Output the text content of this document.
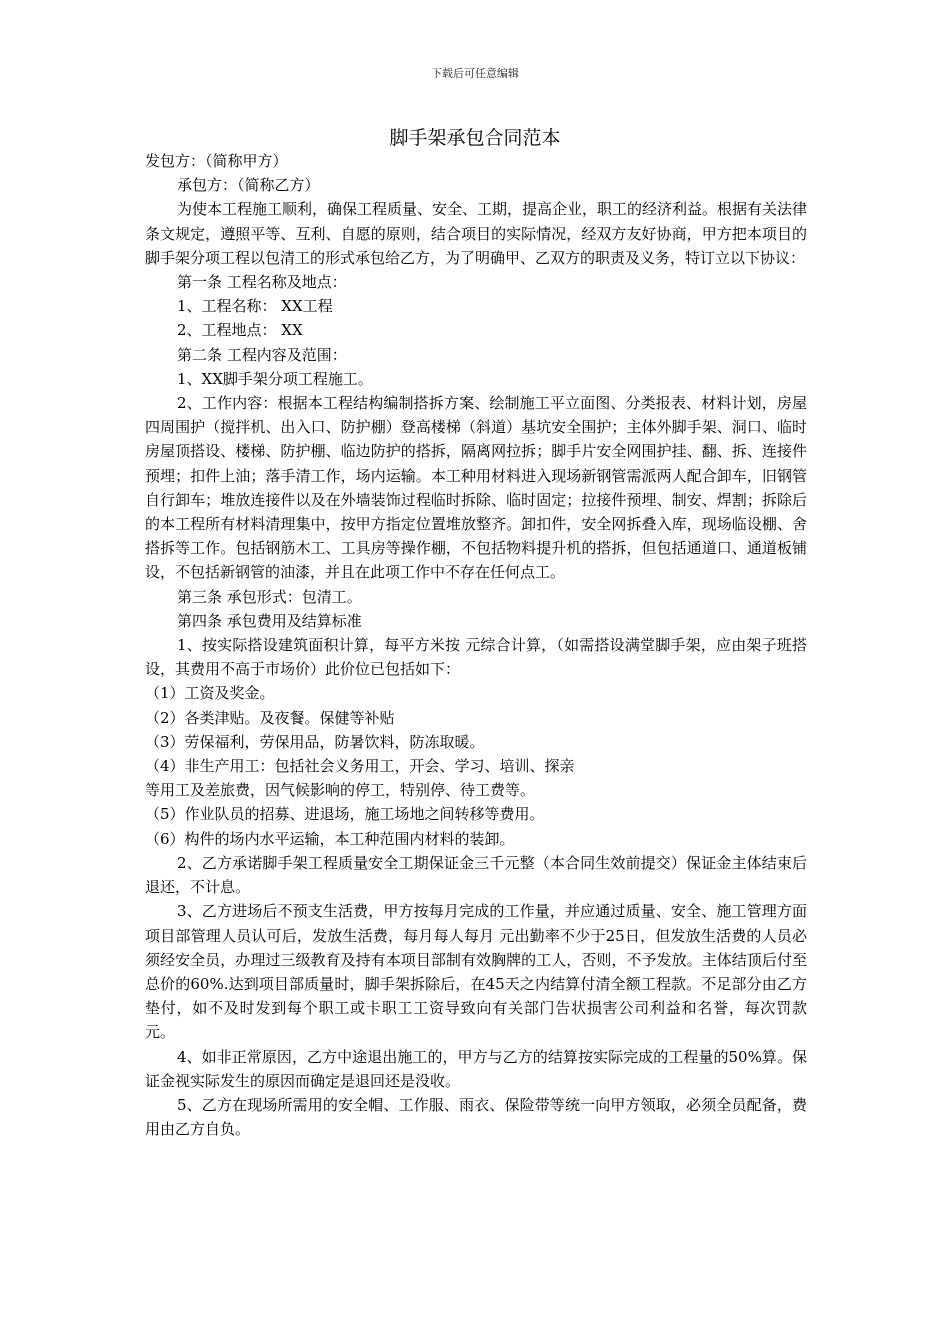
下载后可任意编辑
脚手架承包合同范本

发包方：（简称甲方）

承包方：（简称乙方）

为使本工程施工顺利，确保工程质量、安全、工期，提高企业，职工的经济利益。根据有关法律条文规定，遵照平等、互利、自愿的原则，结合项目的实际情况，经双方友好协商，甲方把本项目的脚手架分项工程以包清工的形式承包给乙方，为了明确甲、乙双方的职责及义务，特订立以下协议：

第一条 工程名称及地点：

1、工程名称： XX工程

2、工程地点： XX

第二条 工程内容及范围：

1、XX脚手架分项工程施工。

2、工作内容：根据本工程结构编制搭拆方案、绘制施工平立面图、分类报表、材料计划，房屋四周围护（搅拌机、出入口、防护棚）登高楼梯（斜道）基坑安全围护；主体外脚手架、洞口、临时房屋顶搭设、楼梯、防护棚、临边防护的搭拆，隔离网拉拆；脚手片安全网围护挂、翻、拆、连接件预埋；扣件上油；落手清工作，场内运输。本工种用材料进入现场新钢管需派两人配合卸车，旧钢管自行卸车；堆放连接件以及在外墙装饰过程临时拆除、临时固定；拉接件预埋、制安、焊割；拆除后的本工程所有材料清理集中，按甲方指定位置堆放整齐。卸扣件，安全网拆叠入库，现场临设棚、舍搭拆等工作。包括钢筋木工、工具房等操作棚，不包括物料提升机的搭拆，但包括通道口、通道板铺设，不包括新钢管的油漆，并且在此项工作中不存在任何点工。

第三条 承包形式：包清工。

第四条 承包费用及结算标准

1、按实际搭设建筑面积计算，每平方米按 元综合计算，（如需搭设满堂脚手架，应由架子班搭设，其费用不高于市场价）此价位已包括如下：

（1）工资及奖金。

（2）各类津贴。及夜餐。保健等补贴

（3）劳保福利，劳保用品，防暑饮料，防冻取暖。

（4）非生产用工：包括社会义务用工，开会、学习、培训、探亲

等用工及差旅费，因气候影响的停工，特别停、待工费等。

（5）作业队员的招募、进退场，施工场地之间转移等费用。

（6）构件的场内水平运输，本工种范围内材料的装卸。

2、乙方承诺脚手架工程质量安全工期保证金三千元整（本合同生效前提交）保证金主体结束后退还，不计息。

3、乙方进场后不预支生活费，甲方按每月完成的工作量，并应通过质量、安全、施工管理方面项目部管理人员认可后，发放生活费，每月每人每月 元出勤率不少于25日，但发放生活费的人员必须经安全员，办理过三级教育及持有本项目部制有效胸牌的工人，否则，不予发放。主体结顶后付至总价的60%.达到项目部质量时，脚手架拆除后，在45天之内结算付清全额工程款。不足部分由乙方垫付，如不及时发到每个职工或卡职工工资导致向有关部门告状损害公司利益和名誉，每次罚款 元。

4、如非正常原因，乙方中途退出施工的，甲方与乙方的结算按实际完成的工程量的50%算。保证金视实际发生的原因而确定是退回还是没收。

5、乙方在现场所需用的安全帽、工作服、雨衣、保险带等统一向甲方领取，必须全员配备，费用由乙方自负。
